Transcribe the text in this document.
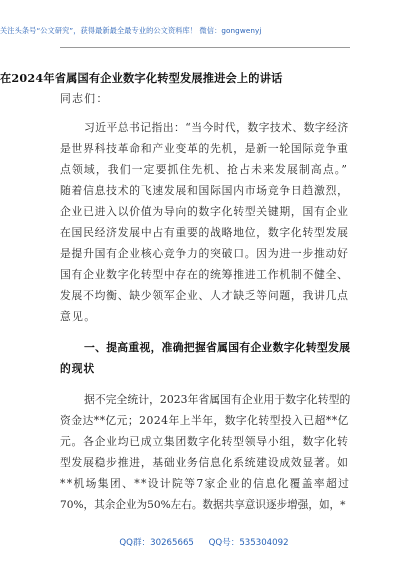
关注头条号“公文研究”，获得最新最全最专业的公文资料库！ 微信：gongwenyj
在2024年省属国有企业数字化转型发展推进会上的讲话
同志们：
习近平总书记指出：“当今时代，数字技术、数字经济
是世界科技革命和产业变革的先机，是新一轮国际竞争重
点领域，我们一定要抓住先机、抢占未来发展制高点。”
随着信息技术的飞速发展和国际国内市场竞争日趋激烈，
企业已进入以价值为导向的数字化转型关键期，国有企业
在国民经济发展中占有重要的战略地位，数字化转型发展
是提升国有企业核心竞争力的突破口。因为进一步推动好
国有企业数字化转型中存在的统筹推进工作机制不健全、
发展不均衡、缺少领军企业、人才缺乏等问题，我讲几点
意见。
一、提高重视，准确把握省属国有企业数字化转型发展
的现状
据不完全统计，2023年省属国有企业用于数字化转型的
资金达**亿元；2024年上半年，数字化转型投入已超**亿
元。各企业均已成立集团数字化转型领导小组，数字化转
型发展稳步推进，基础业务信息化系统建设成效显著。如
**机场集团、**设计院等7家企业的信息化覆盖率超过
70%，其余企业为50%左右。数据共享意识逐步增强，如，*
QQ群：30265665 QQ号：535304092
